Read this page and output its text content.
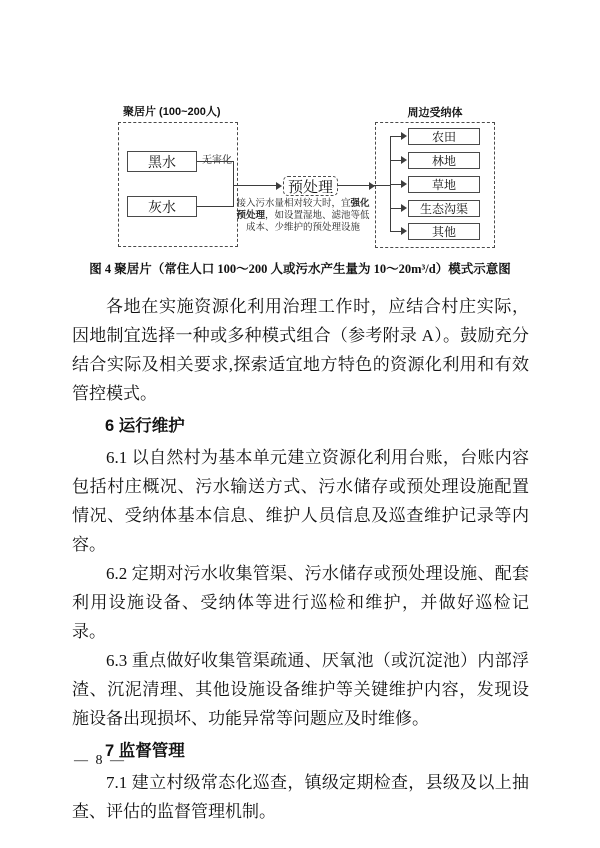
聚居片 (100~200人)
黑水
灰水
预处理
接入污水量相对较大时，宜强化预处理，如设置湿地、滤池等低成本、少维护的预处理设施
周边受纳体
农田
林地
草地
生态沟渠
其他
图 4 聚居片（常住人口 100～200 人或污水产生量为 10～20m³/d）模式示意图

各地在实施资源化利用治理工作时，应结合村庄实际，因地制宜选择一种或多种模式组合（参考附录 A）。鼓励充分结合实际及相关要求,探索适宜地方特色的资源化利用和有效管控模式。

6 运行维护

6.1 以自然村为基本单元建立资源化利用台账，台账内容包括村庄概况、污水输送方式、污水储存或预处理设施配置情况、受纳体基本信息、维护人员信息及巡查维护记录等内容。

6.2 定期对污水收集管渠、污水储存或预处理设施、配套利用设施设备、受纳体等进行巡检和维护，并做好巡检记录。

6.3 重点做好收集管渠疏通、厌氧池（或沉淀池）内部浮渣、沉泥清理、其他设施设备维护等关键维护内容，发现设施设备出现损坏、功能异常等问题应及时维修。

7 监督管理

7.1 建立村级常态化巡查，镇级定期检查，县级及以上抽查、评估的监督管理机制。

— 8 —
